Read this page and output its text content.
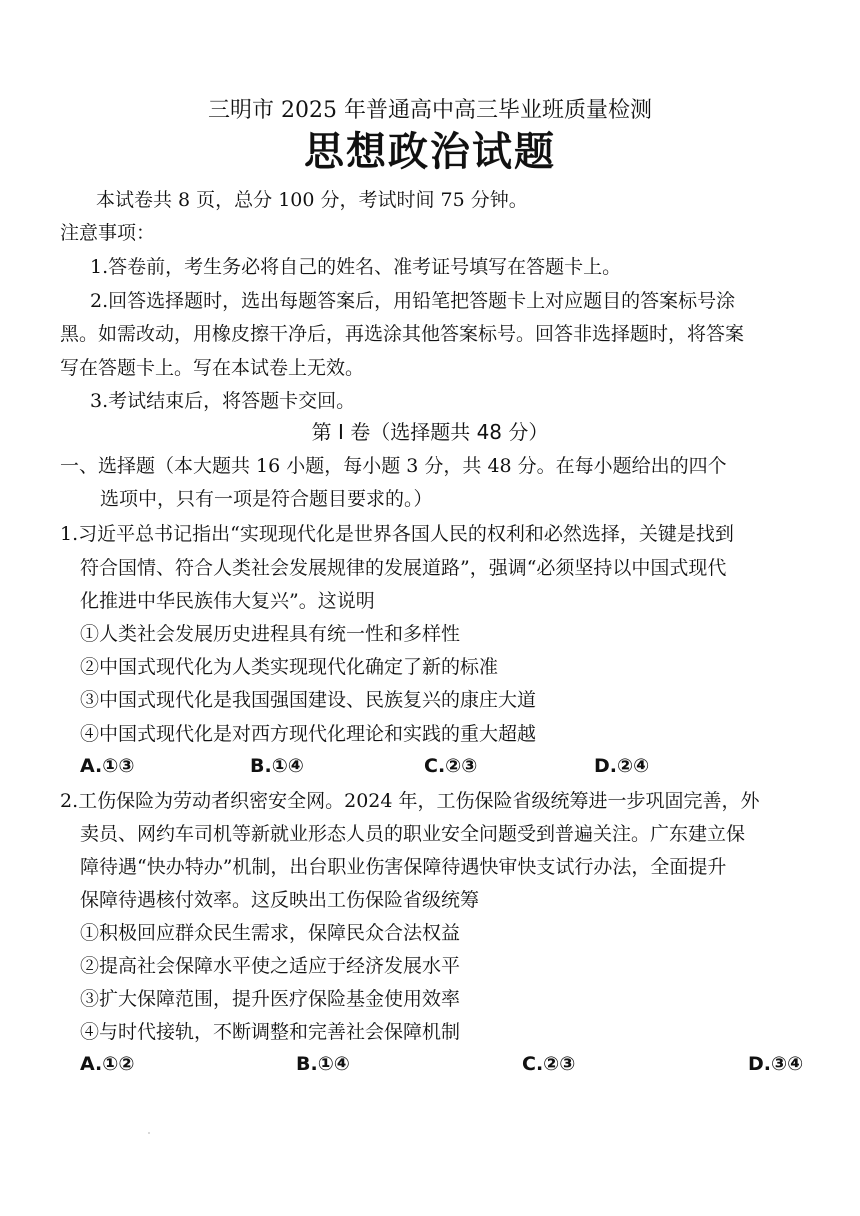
三明市 2025 年普通高中高三毕业班质量检测
思想政治试题
本试卷共 8 页，总分 100 分，考试时间 75 分钟。
注意事项：
1.答卷前，考生务必将自己的姓名、准考证号填写在答题卡上。
2.回答选择题时，选出每题答案后，用铅笔把答题卡上对应题目的答案标号涂
黑。如需改动，用橡皮擦干净后，再选涂其他答案标号。回答非选择题时，将答案
写在答题卡上。写在本试卷上无效。
3.考试结束后，将答题卡交回。
第 I 卷（选择题共 48 分）
一、选择题（本大题共 16 小题，每小题 3 分，共 48 分。在每小题给出的四个
选项中，只有一项是符合题目要求的。）
1.习近平总书记指出“实现现代化是世界各国人民的权利和必然选择，关键是找到
符合国情、符合人类社会发展规律的发展道路”，强调“必须坚持以中国式现代
化推进中华民族伟大复兴”。这说明
①人类社会发展历史进程具有统一性和多样性
②中国式现代化为人类实现现代化确定了新的标准
③中国式现代化是我国强国建设、民族复兴的康庄大道
④中国式现代化是对西方现代化理论和实践的重大超越
A.①③	B.①④	C.②③	D.②④
2.工伤保险为劳动者织密安全网。2024 年，工伤保险省级统筹进一步巩固完善，外
卖员、网约车司机等新就业形态人员的职业安全问题受到普遍关注。广东建立保
障待遇“快办特办”机制，出台职业伤害保障待遇快审快支试行办法，全面提升
保障待遇核付效率。这反映出工伤保险省级统筹
①积极回应群众民生需求，保障民众合法权益
②提高社会保障水平使之适应于经济发展水平
③扩大保障范围，提升医疗保险基金使用效率
④与时代接轨，不断调整和完善社会保障机制
A.①②	B.①④	C.②③	D.③④
